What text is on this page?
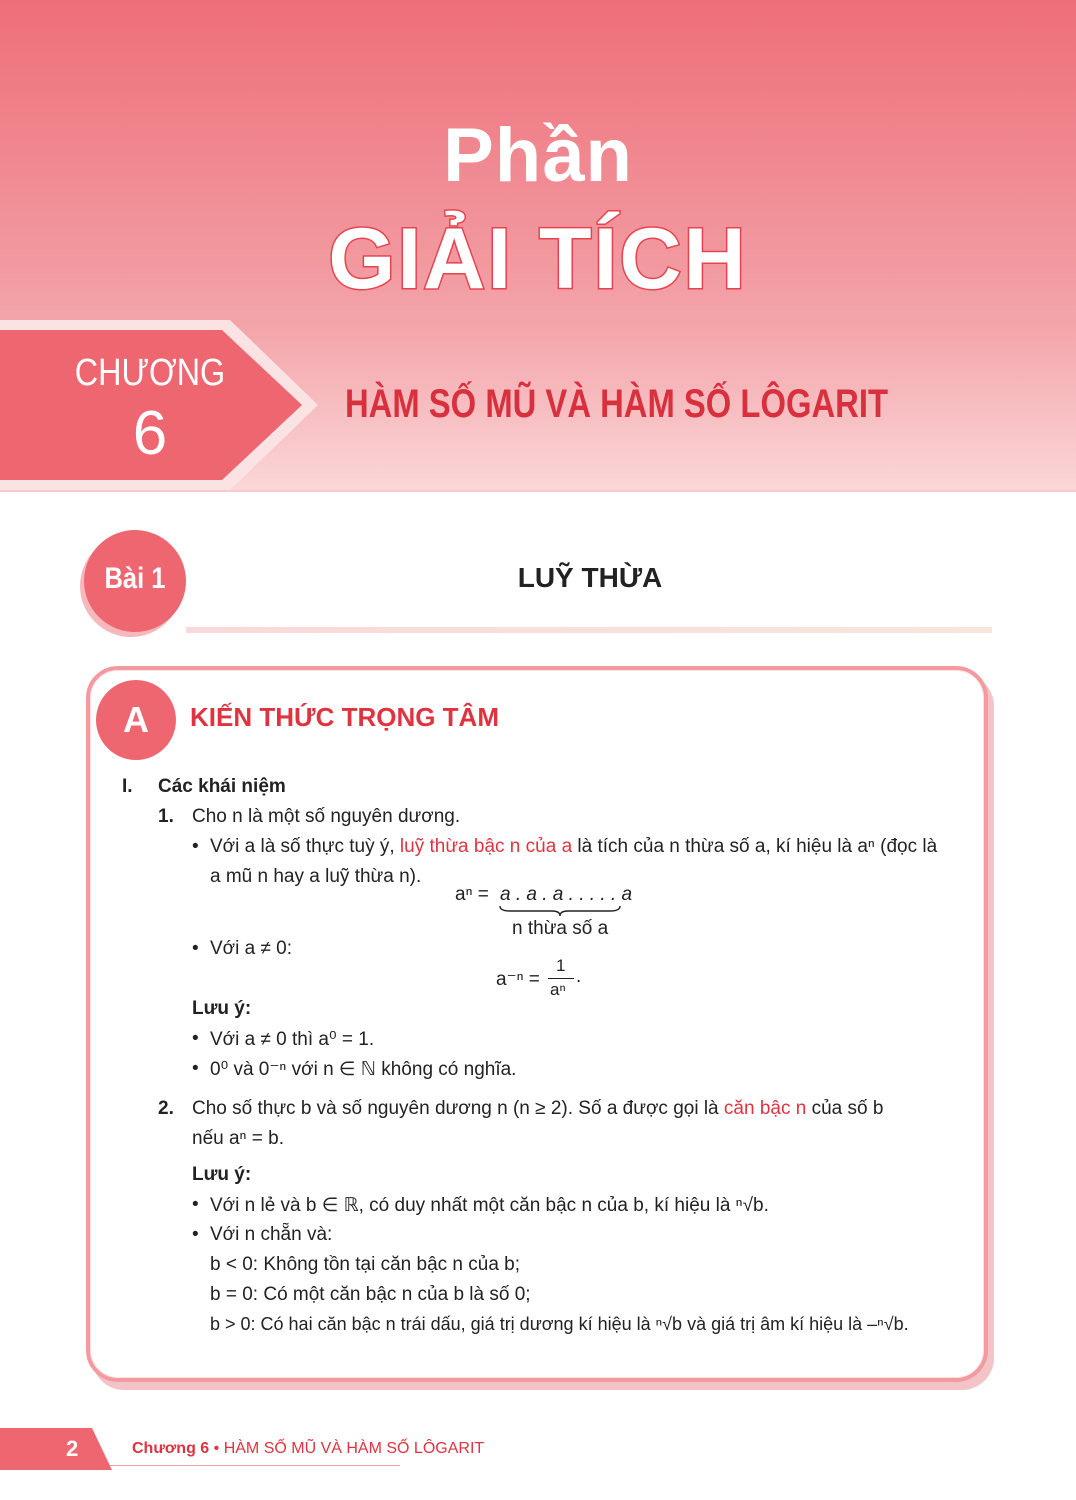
Phần
GIẢI TÍCH
CHƯƠNG
6	HÀM SỐ MŨ VÀ HÀM SỐ LÔGARIT
Bài 1	LUỸ THỪA
A	KIẾN THỨC TRỌNG TÂM
I. Các khái niệm
1. Cho n là một số nguyên dương.
• Với a là số thực tuỳ ý, luỹ thừa bậc n của a là tích của n thừa số a, kí hiệu là aⁿ (đọc là
a mũ n hay a luỹ thừa n).
aⁿ = a . a . a . . . . . a
n thừa số a
• Với a ≠ 0:
a⁻ⁿ =
1
aⁿ
.
Lưu ý:
• Với a ≠ 0 thì a⁰ = 1.
• 0⁰ và 0⁻ⁿ với n ∈ ℕ không có nghĩa.
2. Cho số thực b và số nguyên dương n (n ≥ 2). Số a được gọi là căn bậc n của số b
nếu aⁿ = b.
Lưu ý:
• Với n lẻ và b ∈ ℝ, có duy nhất một căn bậc n của b, kí hiệu là ⁿ√b.
• Với n chẵn và:
b < 0: Không tồn tại căn bậc n của b;
b = 0: Có một căn bậc n của b là số 0;
b > 0: Có hai căn bậc n trái dấu, giá trị dương kí hiệu là ⁿ√b và giá trị âm kí hiệu là –ⁿ√b.
2	Chương 6 • HÀM SỐ MŨ VÀ HÀM SỐ LÔGARIT
